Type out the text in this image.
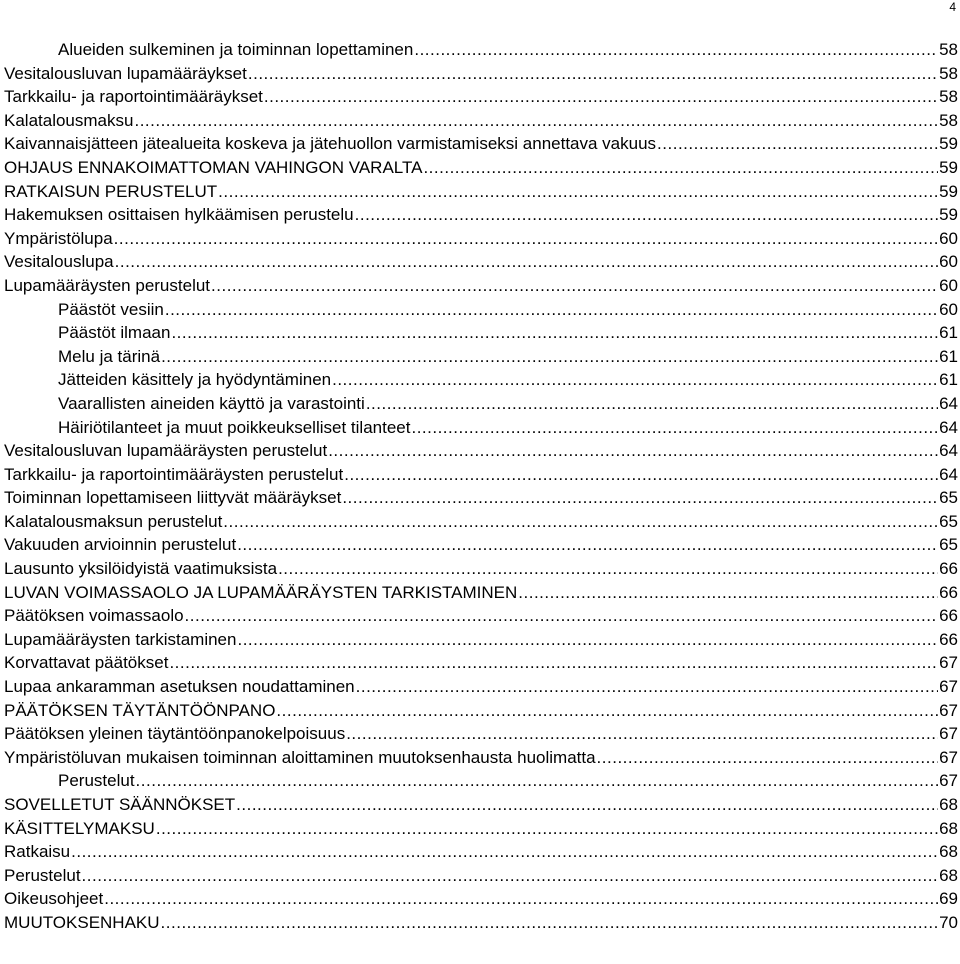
4
Alueiden sulkeminen ja toiminnan lopettaminen .....	58
Vesitalousluvan lupamääräykset .....	58
Tarkkailu- ja raportointimääräykset .....	58
Kalatalousmaksu .....	58
Kaivannaisjätteen jätealueita koskeva ja jätehuollon varmistamiseksi annettava vakuus .....	59
OHJAUS ENNAKOIMATTOMAN VAHINGON VARALTA .....	59
RATKAISUN PERUSTELUT .....	59
Hakemuksen osittaisen hylkäämisen perustelu .....	59
Ympäristölupa .....	60
Vesitalouslupa .....	60
Lupamääräysten perustelut .....	60
Päästöt vesiin .....	60
Päästöt ilmaan .....	61
Melu ja tärinä .....	61
Jätteiden käsittely ja hyödyntäminen .....	61
Vaarallisten aineiden käyttö ja varastointi .....	64
Häiriötilanteet ja muut poikkeukselliset tilanteet .....	64
Vesitalousluvan lupamääräysten perustelut .....	64
Tarkkailu- ja raportointimääräysten perustelut .....	64
Toiminnan lopettamiseen liittyvät määräykset .....	65
Kalatalousmaksun perustelut .....	65
Vakuuden arvioinnin perustelut .....	65
Lausunto yksilöidyistä vaatimuksista .....	66
LUVAN VOIMASSAOLO JA LUPAMÄÄRÄYSTEN TARKISTAMINEN .....	66
Päätöksen voimassaolo .....	66
Lupamääräysten tarkistaminen .....	66
Korvattavat päätökset .....	67
Lupaa ankaramman asetuksen noudattaminen .....	67
PÄÄTÖKSEN TÄYTÄNTÖÖNPANO .....	67
Päätöksen yleinen täytäntöönpanokelpoisuus .....	67
Ympäristöluvan mukaisen toiminnan aloittaminen muutoksenhausta huolimatta .....	67
Perustelut .....	67
SOVELLETUT SÄÄNNÖKSET .....	68
KÄSITTELYMAKSU .....	68
Ratkaisu .....	68
Perustelut .....	68
Oikeusohjeet .....	69
MUUTOKSENHAKU .....	70
